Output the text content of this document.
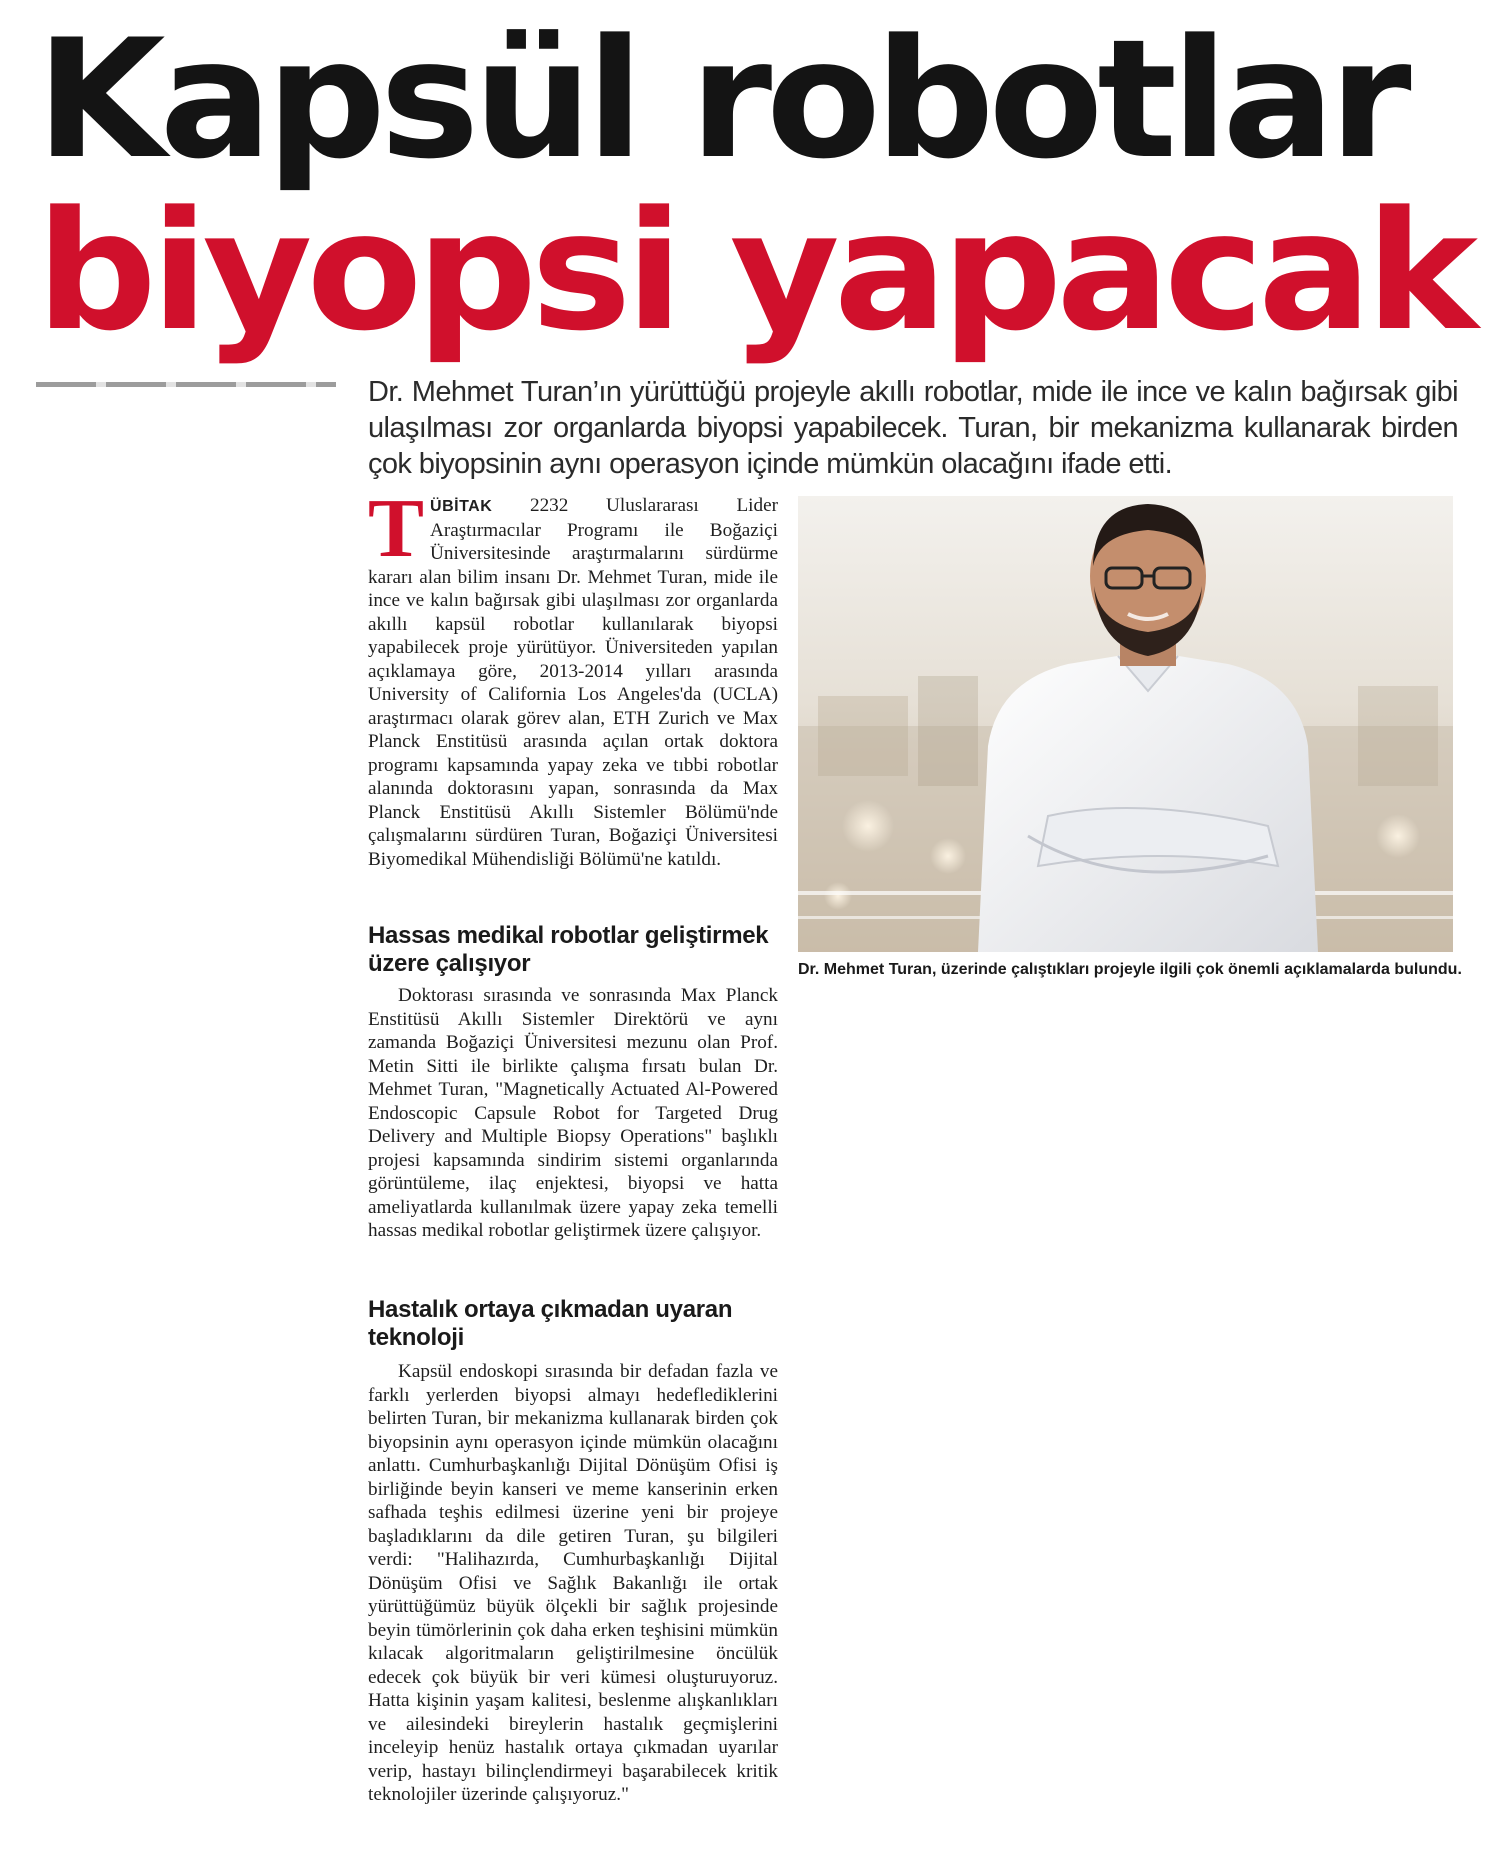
Kapsül robotlar
biyopsi yapacak

Dr. Mehmet Turan’ın yürüttüğü projeyle akıllı robotlar, mide ile ince ve kalın bağırsak gibi ulaşılması zor organlarda biyopsi yapabilecek. Turan, bir mekanizma kullanarak birden çok biyopsinin aynı operasyon içinde mümkün olacağını ifade etti.

TÜBİTAK 2232 Uluslararası Lider Araştırmacılar Programı ile Boğaziçi Üniversitesinde araştırmalarını sürdürme kararı alan bilim insanı Dr. Mehmet Turan, mide ile ince ve kalın bağırsak gibi ulaşılması zor organlarda akıllı kapsül robotlar kullanılarak biyopsi yapabilecek proje yürütüyor. Üniversiteden yapılan açıklamaya göre, 2013-2014 yılları arasında University of California Los Angeles'da (UCLA) araştırmacı olarak görev alan, ETH Zurich ve Max Planck Enstitüsü arasında açılan ortak doktora programı kapsamında yapay zeka ve tıbbi robotlar alanında doktorasını yapan, sonrasında da Max Planck Enstitüsü Akıllı Sistemler Bölümü'nde çalışmalarını sürdüren Turan, Boğaziçi Üniversitesi Biyomedikal Mühendisliği Bölümü'ne katıldı.

Hassas medikal robotlar geliştirmek üzere çalışıyor

Doktorası sırasında ve sonrasında Max Planck Enstitüsü Akıllı Sistemler Direktörü ve aynı zamanda Boğaziçi Üniversitesi mezunu olan Prof. Metin Sitti ile birlikte çalışma fırsatı bulan Dr. Mehmet Turan, "Magnetically Actuated Al-Powered Endoscopic Capsule Robot for Targeted Drug Delivery and Multiple Biopsy Operations" başlıklı projesi kapsamında sindirim sistemi organlarında görüntüleme, ilaç enjektesi, biyopsi ve hatta ameliyatlarda kullanılmak üzere yapay zeka temelli hassas medikal robotlar geliştirmek üzere çalışıyor.

Hastalık ortaya çıkmadan uyaran teknoloji

Kapsül endoskopi sırasında bir defadan fazla ve farklı yerlerden biyopsi almayı hedeflediklerini belirten Turan, bir mekanizma kullanarak birden çok biyopsinin aynı operasyon içinde mümkün olacağını anlattı. Cumhurbaşkanlığı Dijital Dönüşüm Ofisi iş birliğinde beyin kanseri ve meme kanserinin erken safhada teşhis edilmesi üzerine yeni bir projeye başladıklarını da dile getiren Turan, şu bilgileri verdi: "Halihazırda, Cumhurbaşkanlığı Dijital Dönüşüm Ofisi ve Sağlık Bakanlığı ile ortak yürüttüğümüz büyük ölçekli bir sağlık projesinde beyin tümörlerinin çok daha erken teşhisini mümkün kılacak algoritmaların geliştirilmesine öncülük edecek çok büyük bir veri kümesi oluşturuyoruz. Hatta kişinin yaşam kalitesi, beslenme alışkanlıkları ve ailesindeki bireylerin hastalık geçmişlerini inceleyip henüz hastalık ortaya çıkmadan uyarılar verip, hastayı bilinçlendirmeyi başarabilecek kritik teknolojiler üzerinde çalışıyoruz."

Dr. Mehmet Turan, üzerinde çalıştıkları projeyle ilgili çok önemli açıklamalarda bulundu.
